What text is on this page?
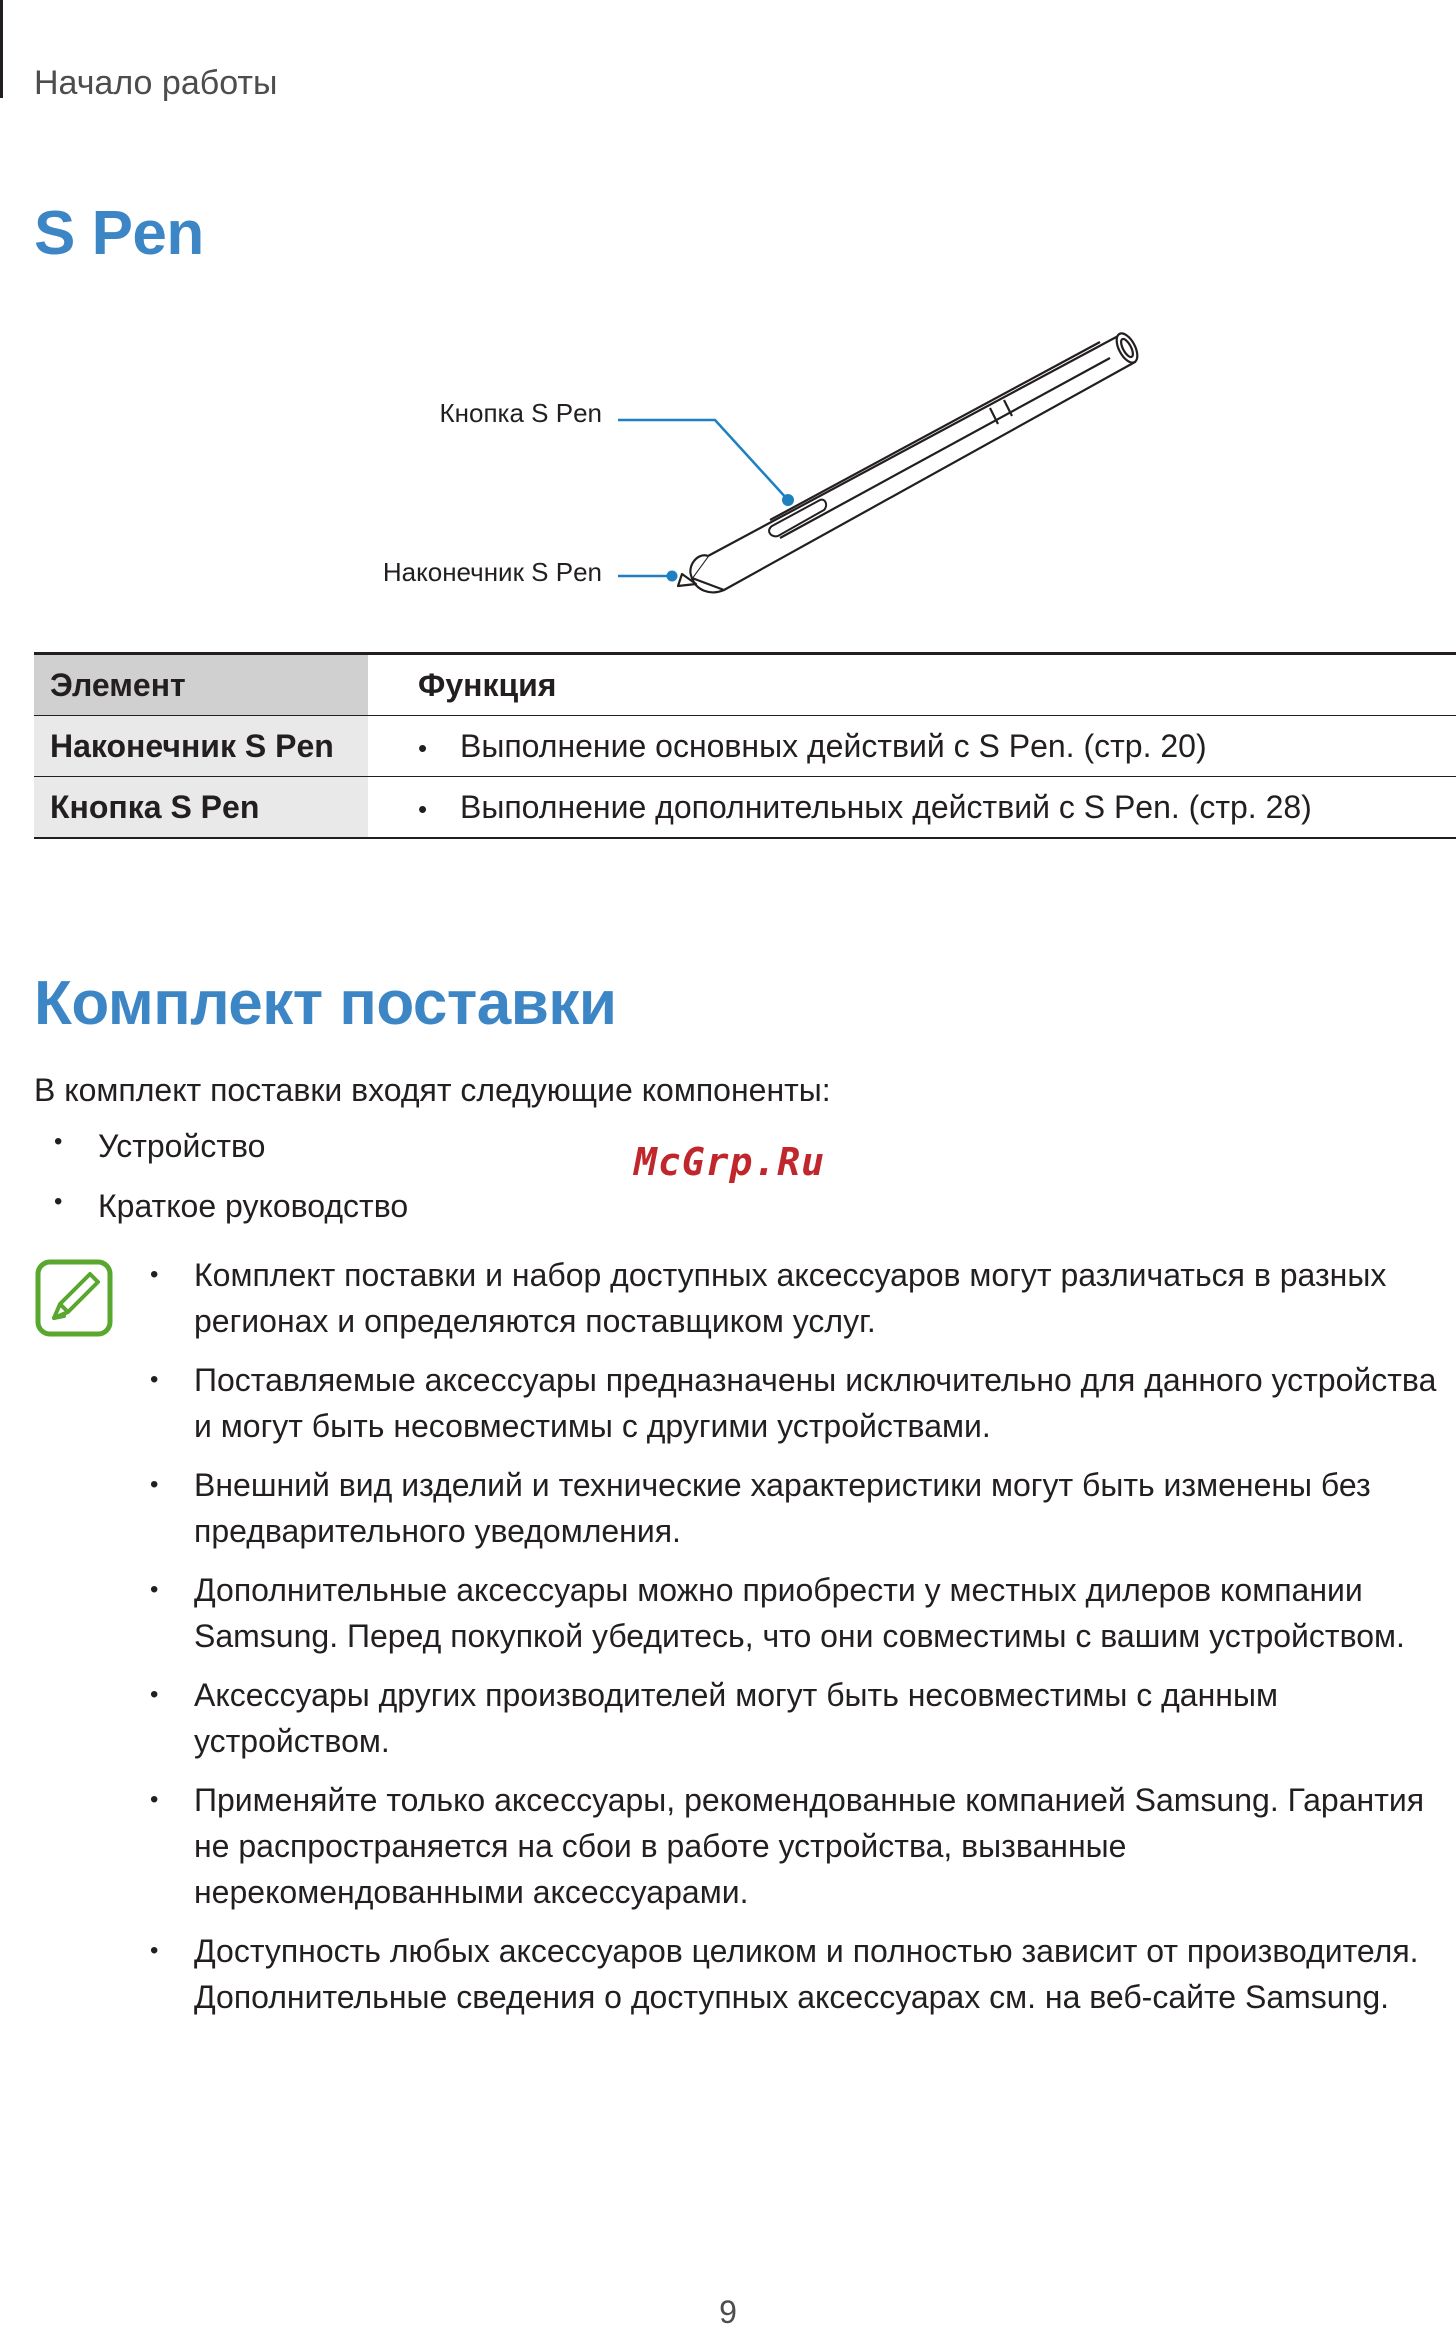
Начало работы
S Pen
Кнопка S Pen
Наконечник S Pen
Элемент	Функция
Наконечник S Pen	• Выполнение основных действий с S Pen. (стр. 20)
Кнопка S Pen	• Выполнение дополнительных действий с S Pen. (стр. 28)
Комплект поставки
В комплект поставки входят следующие компоненты:
• Устройство
• Краткое руководство
McGrp.Ru
• Комплект поставки и набор доступных аксессуаров могут различаться в разных регионах и определяются поставщиком услуг.
• Поставляемые аксессуары предназначены исключительно для данного устройства и могут быть несовместимы с другими устройствами.
• Внешний вид изделий и технические характеристики могут быть изменены без предварительного уведомления.
• Дополнительные аксессуары можно приобрести у местных дилеров компании Samsung. Перед покупкой убедитесь, что они совместимы с вашим устройством.
• Аксессуары других производителей могут быть несовместимы с данным устройством.
• Применяйте только аксессуары, рекомендованные компанией Samsung. Гарантия не распространяется на сбои в работе устройства, вызванные нерекомендованными аксессуарами.
• Доступность любых аксессуаров целиком и полностью зависит от производителя. Дополнительные сведения о доступных аксессуарах см. на веб-сайте Samsung.
9
